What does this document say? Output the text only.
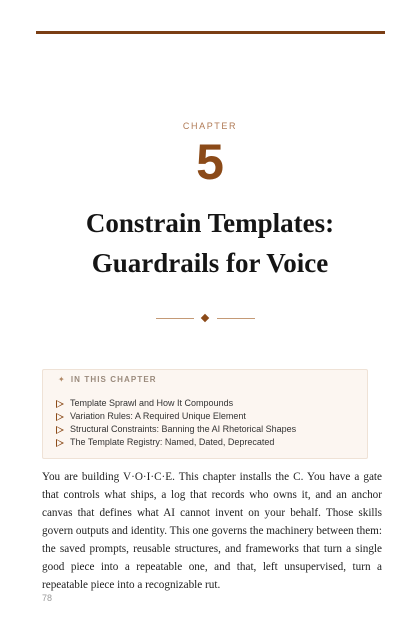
CHAPTER
5
Constrain Templates: Guardrails for Voice
✦ IN THIS CHAPTER
Template Sprawl and How It Compounds
Variation Rules: A Required Unique Element
Structural Constraints: Banning the AI Rhetorical Shapes
The Template Registry: Named, Dated, Deprecated

You are building V·O·I·C·E. This chapter installs the C. You have a gate that controls what ships, a log that records who owns it, and an anchor canvas that defines what AI cannot invent on your behalf. Those skills govern outputs and identity. This one governs the machinery between them: the saved prompts, reusable structures, and frameworks that turn a single good piece into a repeatable one, and that, left unsupervised, turn a repeatable piece into a recognizable rut.

78
